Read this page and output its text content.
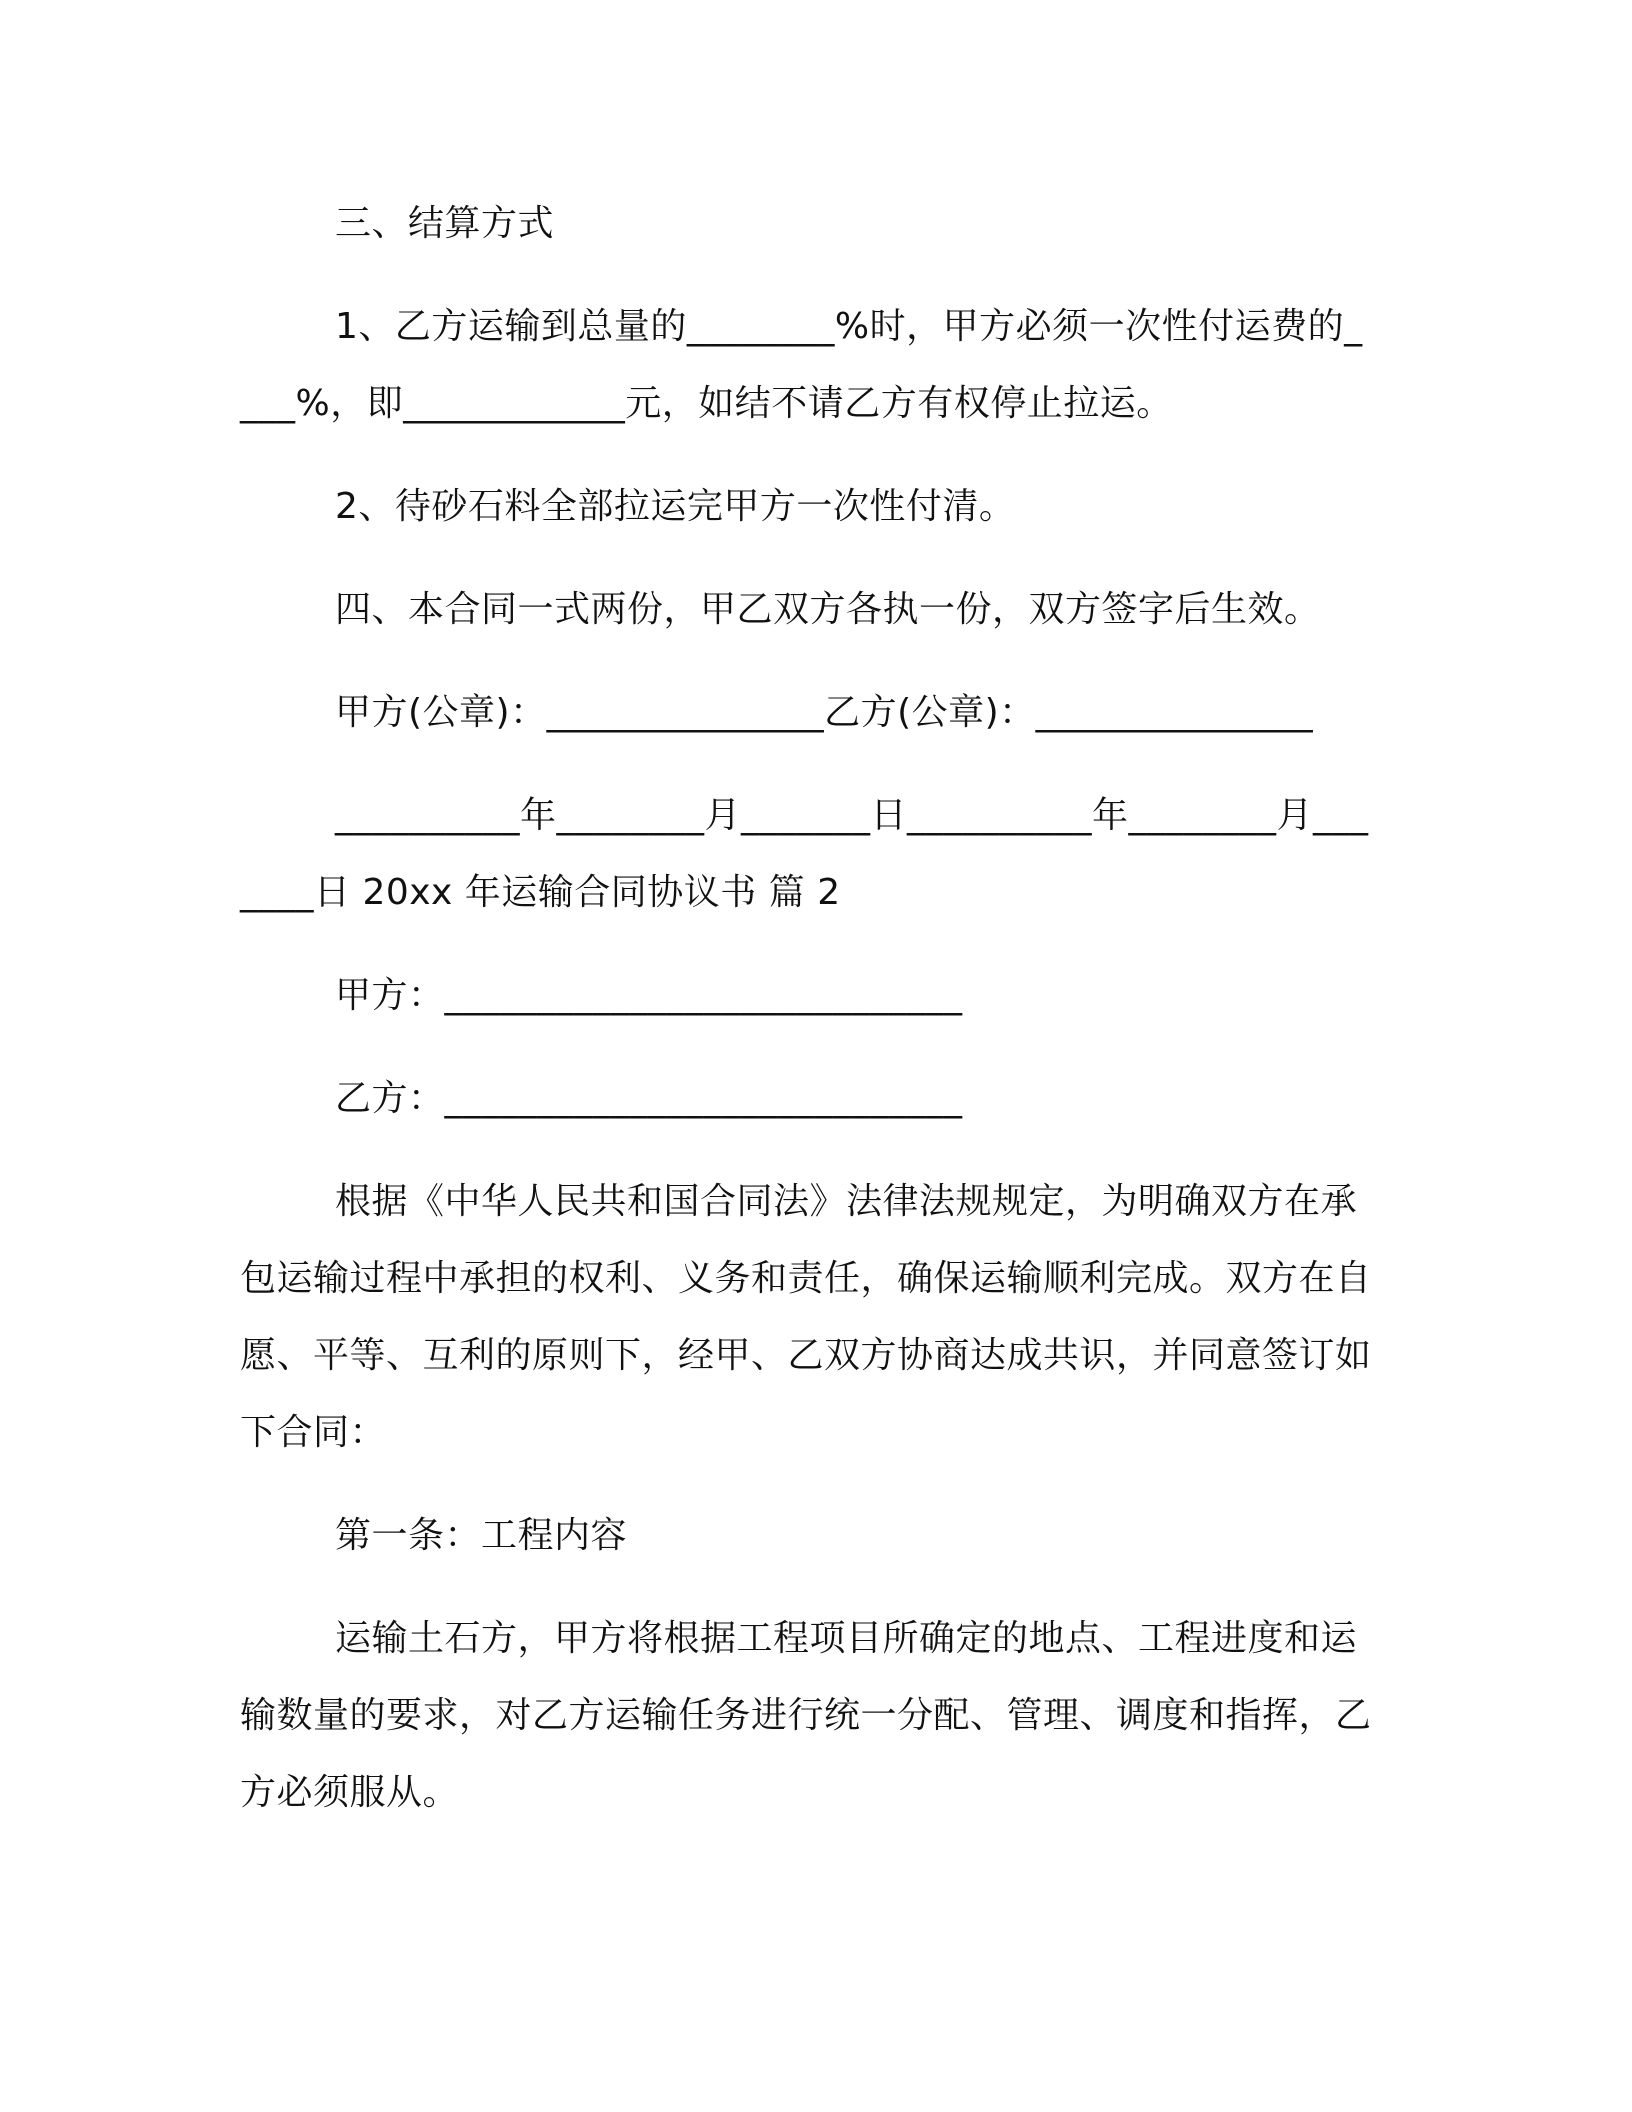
三、结算方式

1、乙方运输到总量的________%时，甲方必须一次性付运费的____%，即____________元，如结不请乙方有权停止拉运。

2、待砂石料全部拉运完甲方一次性付清。

四、本合同一式两份，甲乙双方各执一份，双方签字后生效。

甲方(公章)：_______________乙方(公章)：_______________

__________年________月_______日__________年________月_______日 20xx 年运输合同协议书 篇 2

甲方：____________________________

乙方：____________________________

根据《中华人民共和国合同法》法律法规规定，为明确双方在承包运输过程中承担的权利、义务和责任，确保运输顺利完成。双方在自愿、平等、互利的原则下，经甲、乙双方协商达成共识，并同意签订如下合同：

第一条：工程内容

运输土石方，甲方将根据工程项目所确定的地点、工程进度和运输数量的要求，对乙方运输任务进行统一分配、管理、调度和指挥，乙方必须服从。
